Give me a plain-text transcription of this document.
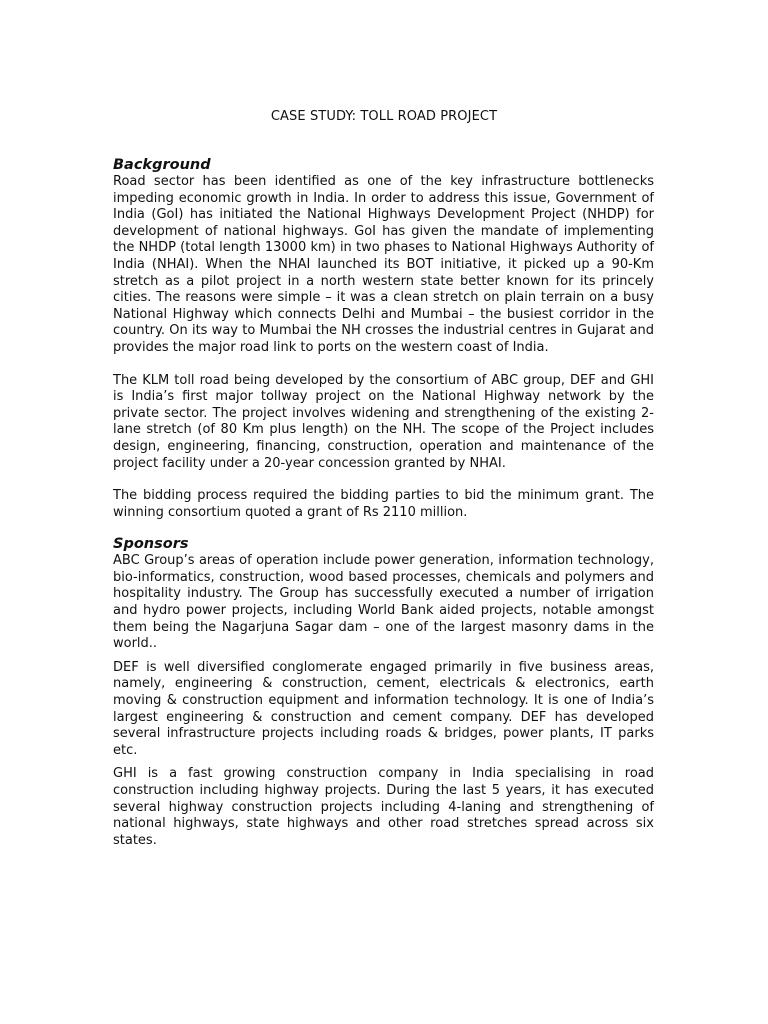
CASE STUDY: TOLL ROAD PROJECT
Background

Road sector has been identified as one of the key infrastructure bottlenecks impeding economic growth in India. In order to address this issue, Government of India (GoI) has initiated the National Highways Development Project (NHDP) for development of national highways. GoI has given the mandate of implementing the NHDP (total length 13000 km) in two phases to National Highways Authority of India (NHAI). When the NHAI launched its BOT initiative, it picked up a 90-Km stretch as a pilot project in a north western state better known for its princely cities. The reasons were simple – it was a clean stretch on plain terrain on a busy National Highway which connects Delhi and Mumbai – the busiest corridor in the country. On its way to Mumbai the NH crosses the industrial centres in Gujarat and provides the major road link to ports on the western coast of India.

The KLM toll road being developed by the consortium of ABC group, DEF and GHI is India’s first major tollway project on the National Highway network by the private sector. The project involves widening and strengthening of the existing 2-lane stretch (of 80 Km plus length) on the NH. The scope of the Project includes design, engineering, financing, construction, operation and maintenance of the project facility under a 20-year concession granted by NHAI.

The bidding process required the bidding parties to bid the minimum grant. The winning consortium quoted a grant of Rs 2110 million.

Sponsors

ABC Group’s areas of operation include power generation, information technology, bio-informatics, construction, wood based processes, chemicals and polymers and hospitality industry. The Group has successfully executed a number of irrigation and hydro power projects, including World Bank aided projects, notable amongst them being the Nagarjuna Sagar dam – one of the largest masonry dams in the world..

DEF is well diversified conglomerate engaged primarily in five business areas, namely, engineering & construction, cement, electricals & electronics, earth moving & construction equipment and information technology. It is one of India’s largest engineering & construction and cement company. DEF has developed several infrastructure projects including roads & bridges, power plants, IT parks etc.

GHI is a fast growing construction company in India specialising in road construction including highway projects. During the last 5 years, it has executed several highway construction projects including 4-laning and strengthening of national highways, state highways and other road stretches spread across six states.
